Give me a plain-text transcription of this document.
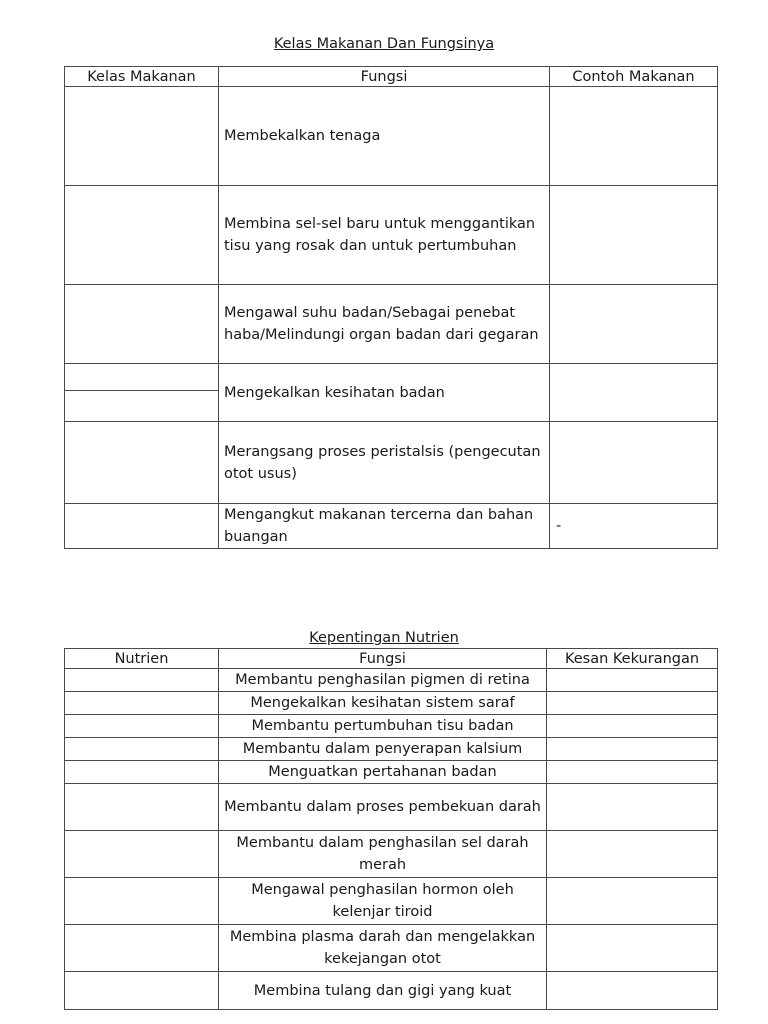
Kelas Makanan Dan Fungsinya
Kelas Makanan	Fungsi	Contoh Makanan
	Membekalkan tenaga	
	Membina sel-sel baru untuk menggantikan tisu yang rosak dan untuk pertumbuhan	
	Mengawal suhu badan/Sebagai penebat haba/Melindungi organ badan dari gegaran	

	Mengekalkan kesihatan badan	
	Merangsang proses peristalsis (pengecutan otot usus)	
	Mengangkut makanan tercerna dan bahan buangan	-
Kepentingan Nutrien
Nutrien	Fungsi	Kesan Kekurangan
	Membantu penghasilan pigmen di retina	
	Mengekalkan kesihatan sistem saraf	
	Membantu pertumbuhan tisu badan	
	Membantu dalam penyerapan kalsium	
	Menguatkan pertahanan badan	
	Membantu dalam proses pembekuan darah	
	Membantu dalam penghasilan sel darah merah	
	Mengawal penghasilan hormon oleh kelenjar tiroid	
	Membina plasma darah dan mengelakkan kekejangan otot	
	Membina tulang dan gigi yang kuat	
